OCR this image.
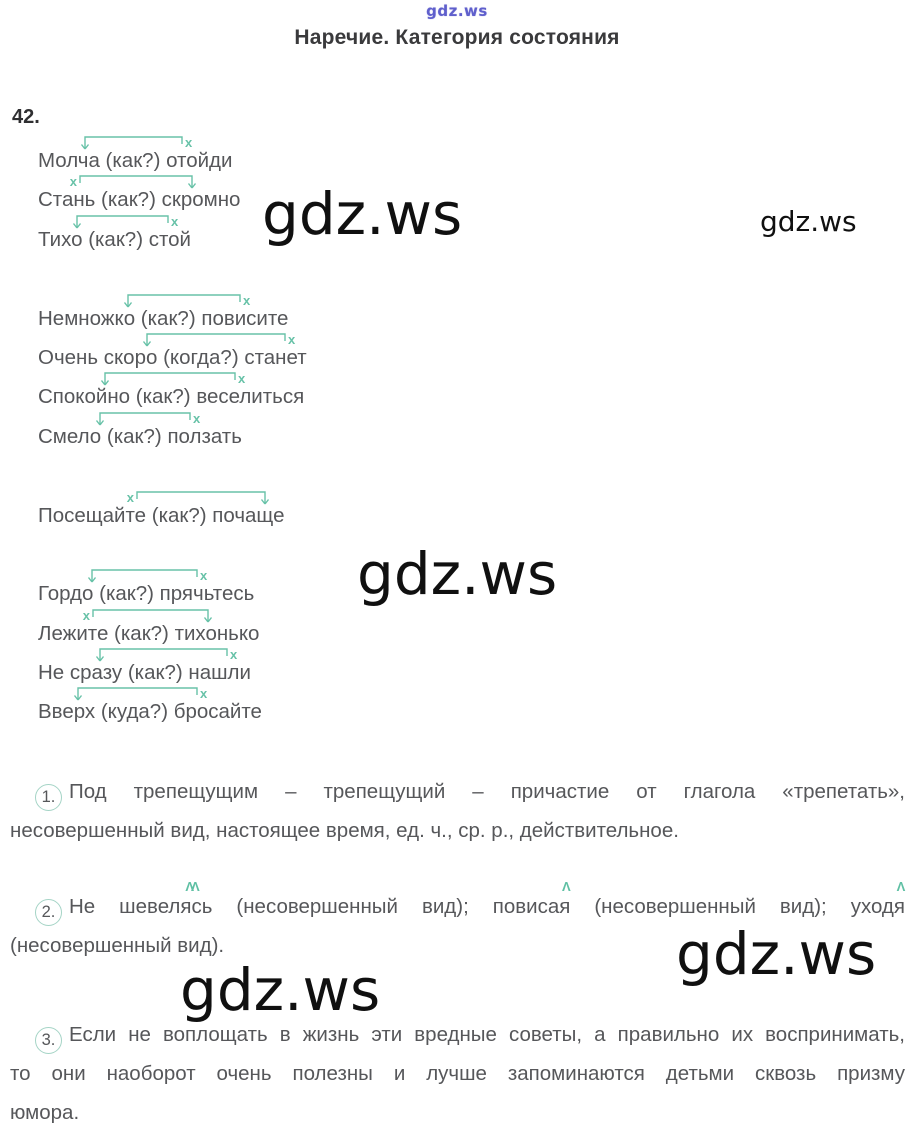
gdz.ws
gdz.ws	gdz.ws
gdz.ws
gdz.ws
gdz.ws
Наречие. Категория состояния
42.
x
Молча (как?) отойди
x
Стань (как?) скромно
x
Тихо (как?) стой
x
Немножко (как?) повисите
x
Очень скоро (когда?) станет
x
Спокойно (как?) веселиться
x
Смело (как?) ползать
x
Посещайте (как?) почаще
x
Гордо (как?) прячьтесь
x
Лежите (как?) тихонько
x
Не сразу (как?) нашли
x
Вверх (куда?) бросайте
1. Под трепещущим – трепещущий – причастие от глагола «трепетать»,
несовершенный вид, настоящее время, ед. ч., ср. р., действительное.
2. Не шевеляс
ΛΛ
ь (несовершенный вид); повисая
Λ
(несовершенный вид); уходя
Λ
(несовершенный вид).
3. Если не воплощать в жизнь эти вредные советы, а правильно их воспринимать,
то они наоборот очень полезны и лучше запоминаются детьми сквозь призму
юмора.
